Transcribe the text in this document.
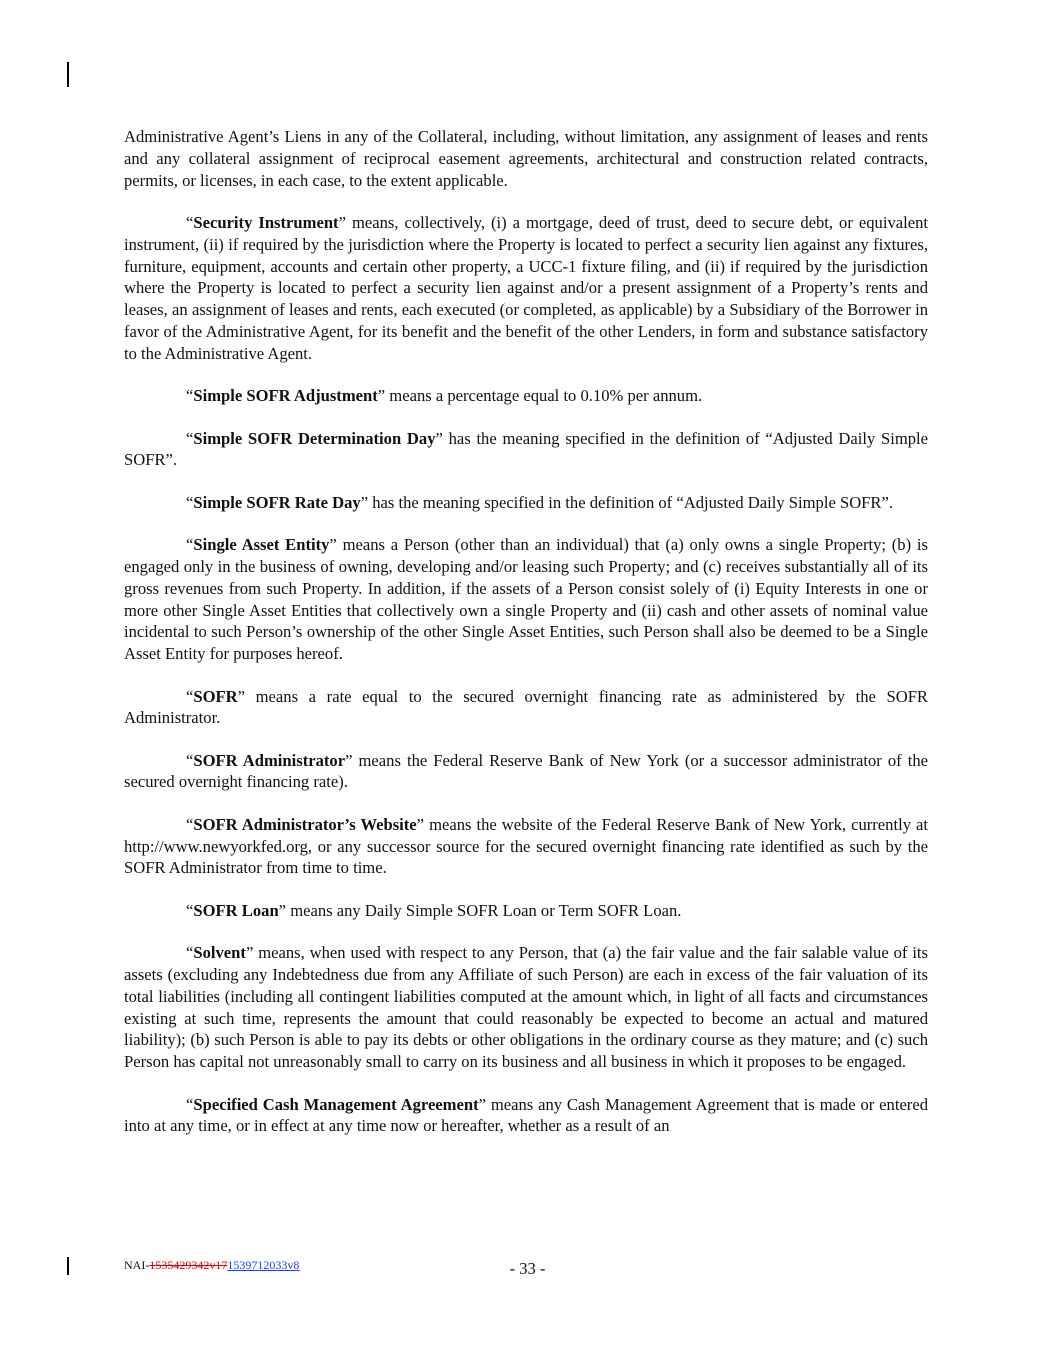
Administrative Agent’s Liens in any of the Collateral, including, without limitation, any assignment of leases and rents and any collateral assignment of reciprocal easement agreements, architectural and construction related contracts, permits, or licenses, in each case, to the extent applicable.

“Security Instrument” means, collectively, (i) a mortgage, deed of trust, deed to secure debt, or equivalent instrument, (ii) if required by the jurisdiction where the Property is located to perfect a security lien against any fixtures, furniture, equipment, accounts and certain other property, a UCC-1 fixture filing, and (ii) if required by the jurisdiction where the Property is located to perfect a security lien against and/or a present assignment of a Property’s rents and leases, an assignment of leases and rents, each executed (or completed, as applicable) by a Subsidiary of the Borrower in favor of the Administrative Agent, for its benefit and the benefit of the other Lenders, in form and substance satisfactory to the Administrative Agent.

“Simple SOFR Adjustment” means a percentage equal to 0.10% per annum.

“Simple SOFR Determination Day” has the meaning specified in the definition of “Adjusted Daily Simple SOFR”.

“Simple SOFR Rate Day” has the meaning specified in the definition of “Adjusted Daily Simple SOFR”.

“Single Asset Entity” means a Person (other than an individual) that (a) only owns a single Property; (b) is engaged only in the business of owning, developing and/or leasing such Property; and (c) receives substantially all of its gross revenues from such Property. In addition, if the assets of a Person consist solely of (i) Equity Interests in one or more other Single Asset Entities that collectively own a single Property and (ii) cash and other assets of nominal value incidental to such Person’s ownership of the other Single Asset Entities, such Person shall also be deemed to be a Single Asset Entity for purposes hereof.

“SOFR” means a rate equal to the secured overnight financing rate as administered by the SOFR Administrator.

“SOFR Administrator” means the Federal Reserve Bank of New York (or a successor administrator of the secured overnight financing rate).

“SOFR Administrator’s Website” means the website of the Federal Reserve Bank of New York, currently at http://www.newyorkfed.org, or any successor source for the secured overnight financing rate identified as such by the SOFR Administrator from time to time.

“SOFR Loan” means any Daily Simple SOFR Loan or Term SOFR Loan.

“Solvent” means, when used with respect to any Person, that (a) the fair value and the fair salable value of its assets (excluding any Indebtedness due from any Affiliate of such Person) are each in excess of the fair valuation of its total liabilities (including all contingent liabilities computed at the amount which, in light of all facts and circumstances existing at such time, represents the amount that could reasonably be expected to become an actual and matured liability); (b) such Person is able to pay its debts or other obligations in the ordinary course as they mature; and (c) such Person has capital not unreasonably small to carry on its business and all business in which it proposes to be engaged.

“Specified Cash Management Agreement” means any Cash Management Agreement that is made or entered into at any time, or in effect at any time now or hereafter, whether as a result of an

NAI-1535429342v171539712033v8	- 33 -
